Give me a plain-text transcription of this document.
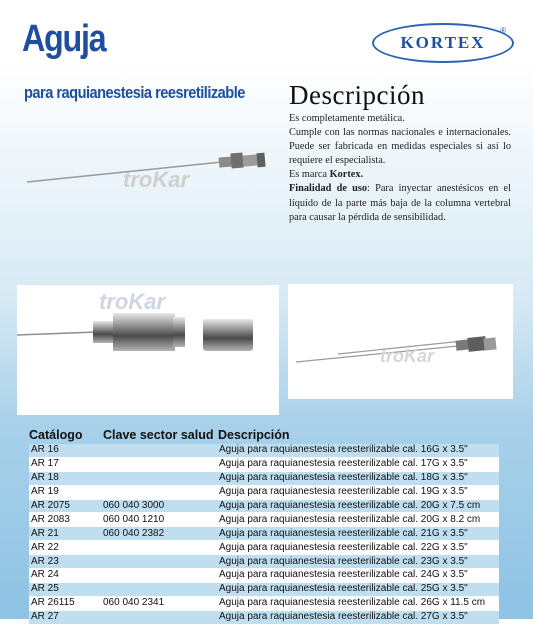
Aguja
para raquianestesia reesretilizable
KORTEX
®
Descripción

Es completamente metálica.

Cumple con las normas nacionales e internacionales. Puede ser fabricada en medidas especiales si así lo requiere el especialista.

Es marca Kortex.

Finalidad de uso: Para inyectar anestésicos en el líquido de la parte más baja de la columna vertebral para causar la pérdida de sensibilidad.

troKar
troKar
troKar
Catálogo	Clave sector salud	Descripción
AR 16		Aguja para raquianestesia reesterilizable cal. 16G x 3.5"
AR 17		Aguja para raquianestesia reesterilizable cal. 17G x 3.5"
AR 18		Aguja para raquianestesia reesterilizable cal. 18G x 3.5"
AR 19		Aguja para raquianestesia reesterilizable cal. 19G x 3.5"
AR 2075	060 040 3000	Aguja para raquianestesia reesterilizable cal. 20G x 7.5 cm
AR 2083	060 040 1210	Aguja para raquianestesia reesterilizable cal. 20G x 8.2 cm
AR 21	060 040 2382	Aguja para raquianestesia reesterilizable cal. 21G x 3.5"
AR 22		Aguja para raquianestesia reesterilizable cal. 22G x 3.5"
AR 23		Aguja para raquianestesia reesterilizable cal. 23G x 3.5"
AR 24		Aguja para raquianestesia reesterilizable cal. 24G x 3.5"
AR 25		Aguja para raquianestesia reesterilizable cal. 25G x 3.5"
AR 26115	060 040 2341	Aguja para raquianestesia reesterilizable cal. 26G x 11.5 cm
AR 27		Aguja para raquianestesia reesterilizable cal. 27G x 3.5"
